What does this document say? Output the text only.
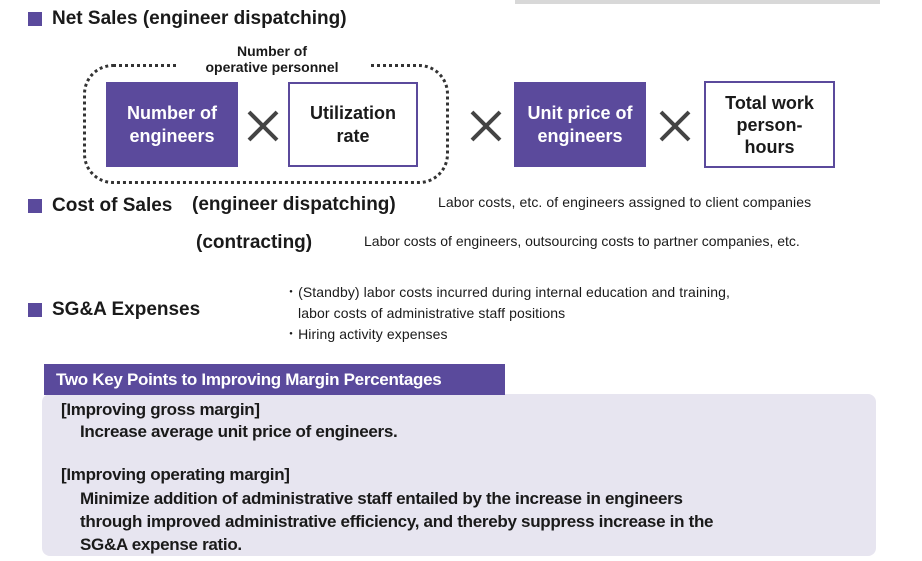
Net Sales (engineer dispatching)
Number of
operative personnel
Number of
engineers
Utilization
rate
Unit price of
engineers
Total work
person-
hours
Cost of Sales (engineer dispatching)	Labor costs, etc. of engineers assigned to client companies
(contracting)	Labor costs of engineers, outsourcing costs to partner companies, etc.
SG&A Expenses
・(Standby) labor costs incurred during internal education and training,
labor costs of administrative staff positions
・Hiring activity expenses
Two Key Points to Improving Margin Percentages
[Improving gross margin]
Increase average unit price of engineers.
[Improving operating margin]
Minimize addition of administrative staff entailed by the increase in engineers
through improved administrative efficiency, and thereby suppress increase in the
SG&A expense ratio.
